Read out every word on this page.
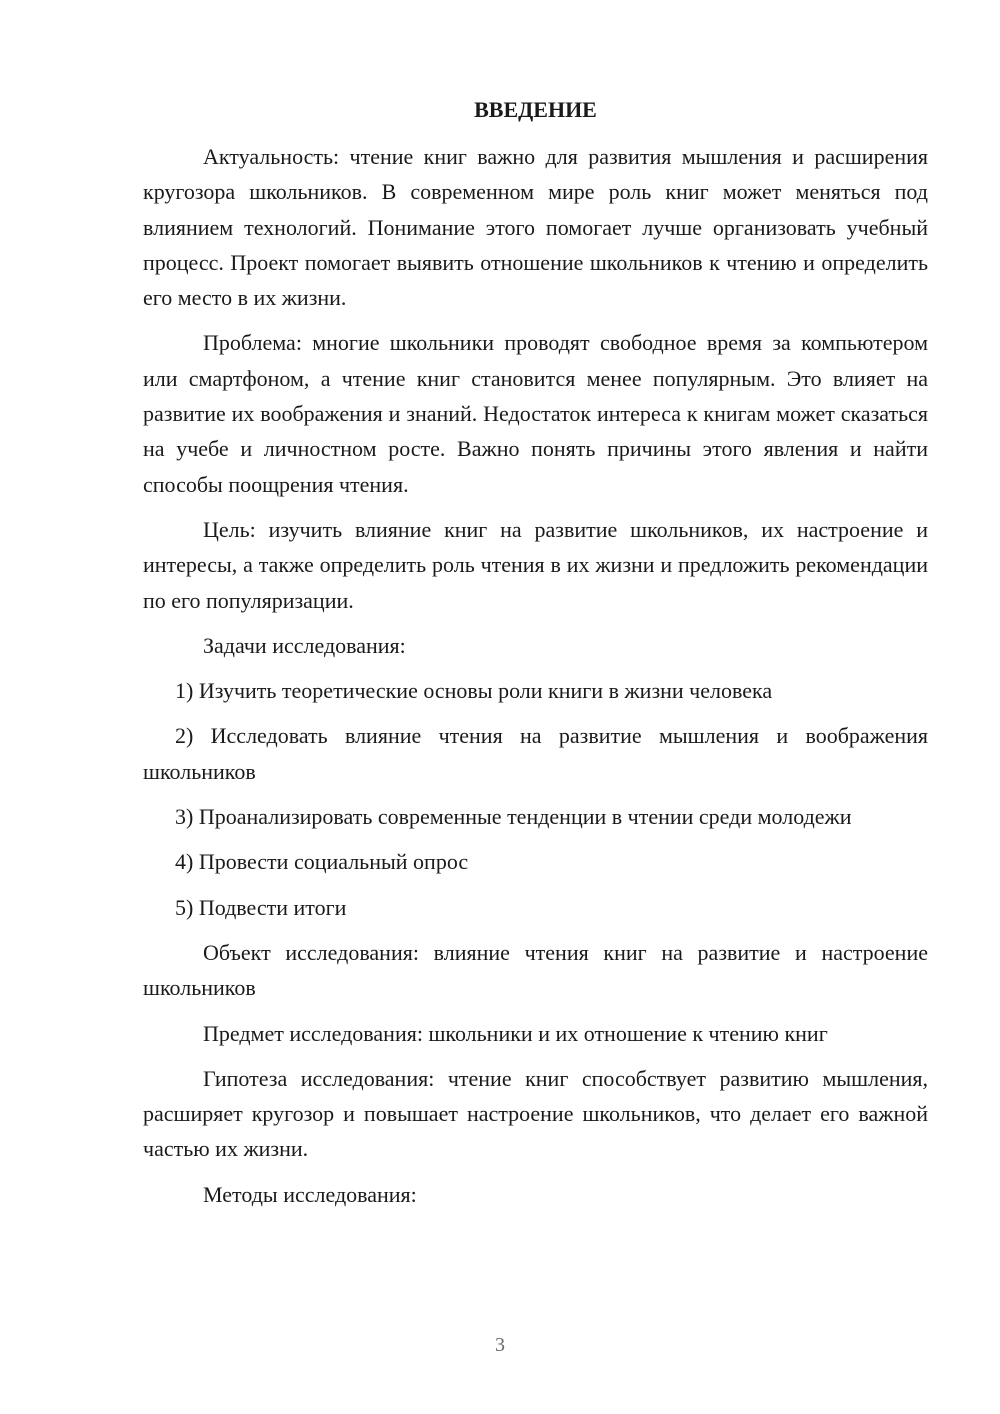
ВВЕДЕНИЕ

Актуальность: чтение книг важно для развития мышления и расширения кругозора школьников. В современном мире роль книг может меняться под влиянием технологий. Понимание этого помогает лучше организовать учебный процесс. Проект помогает выявить отношение школьников к чтению и определить его место в их жизни.

Проблема: многие школьники проводят свободное время за компьютером или смартфоном, а чтение книг становится менее популярным. Это влияет на развитие их воображения и знаний. Недостаток интереса к книгам может сказаться на учебе и личностном росте. Важно понять причины этого явления и найти способы поощрения чтения.

Цель: изучить влияние книг на развитие школьников, их настроение и интересы, а также определить роль чтения в их жизни и предложить рекомендации по его популяризации.

Задачи исследования:

1) Изучить теоретические основы роли книги в жизни человека

2) Исследовать влияние чтения на развитие мышления и воображения школьников

3) Проанализировать современные тенденции в чтении среди молодежи

4) Провести социальный опрос

5) Подвести итоги

Объект исследования: влияние чтения книг на развитие и настроение школьников

Предмет исследования: школьники и их отношение к чтению книг

Гипотеза исследования: чтение книг способствует развитию мышления, расширяет кругозор и повышает настроение школьников, что делает его важной частью их жизни.

Методы исследования:

3
